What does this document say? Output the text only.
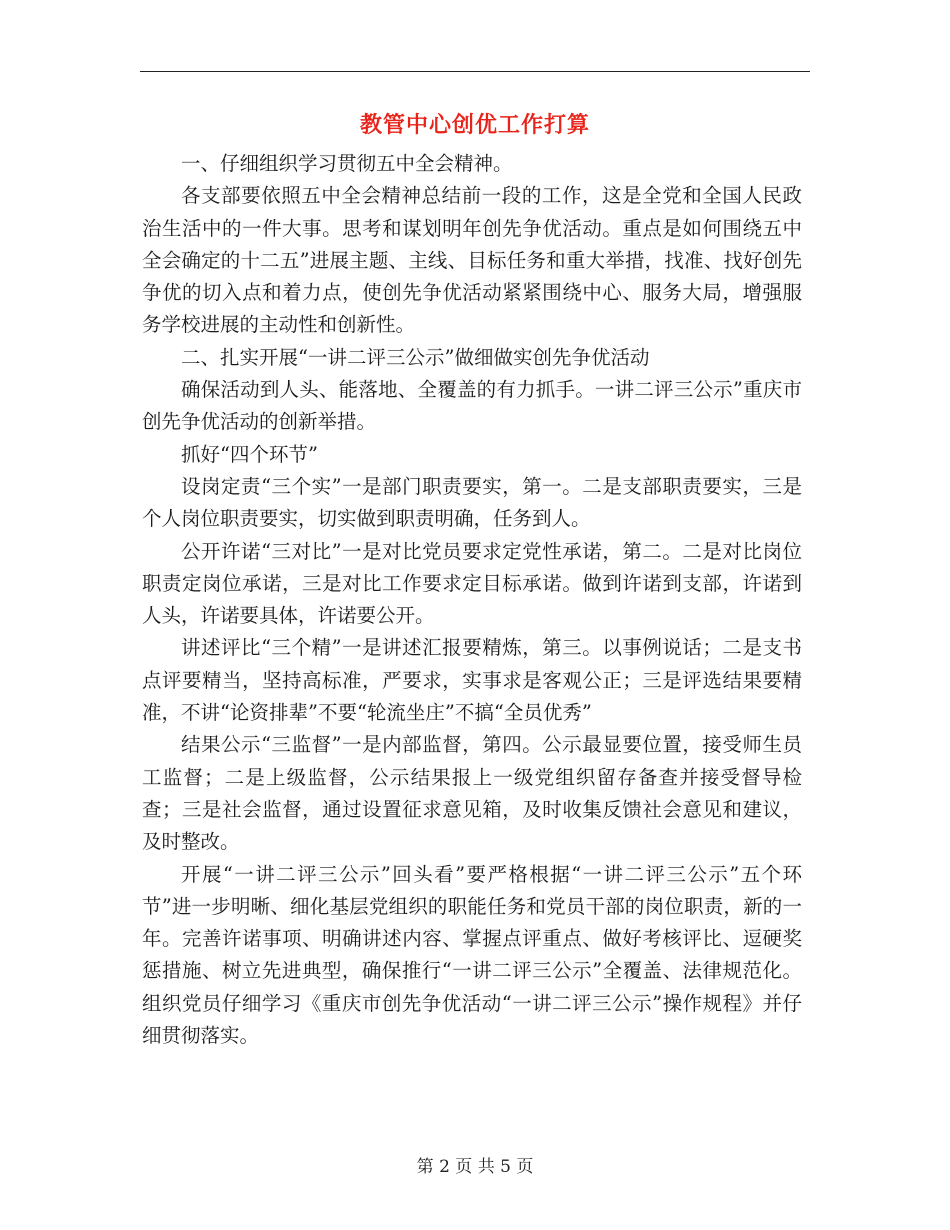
教管中心创优工作打算

一、仔细组织学习贯彻五中全会精神。

各支部要依照五中全会精神总结前一段的工作，这是全党和全国人民政治生活中的一件大事。思考和谋划明年创先争优活动。重点是如何围绕五中全会确定的十二五”进展主题、主线、目标任务和重大举措，找准、找好创先争优的切入点和着力点，使创先争优活动紧紧围绕中心、服务大局，增强服务学校进展的主动性和创新性。

二、扎实开展“一讲二评三公示”做细做实创先争优活动

确保活动到人头、能落地、全覆盖的有力抓手。一讲二评三公示”重庆市创先争优活动的创新举措。

抓好“四个环节”

设岗定责“三个实”一是部门职责要实，第一。二是支部职责要实，三是个人岗位职责要实，切实做到职责明确，任务到人。

公开许诺“三对比”一是对比党员要求定党性承诺，第二。二是对比岗位职责定岗位承诺，三是对比工作要求定目标承诺。做到许诺到支部，许诺到人头，许诺要具体，许诺要公开。

讲述评比“三个精”一是讲述汇报要精炼，第三。以事例说话；二是支书点评要精当，坚持高标准，严要求，实事求是客观公正；三是评选结果要精准，不讲“论资排辈”不要“轮流坐庄”不搞“全员优秀”

结果公示“三监督”一是内部监督，第四。公示最显要位置，接受师生员工监督；二是上级监督，公示结果报上一级党组织留存备查并接受督导检查；三是社会监督，通过设置征求意见箱，及时收集反馈社会意见和建议，及时整改。

开展“一讲二评三公示”回头看”要严格根据“一讲二评三公示”五个环节”进一步明晰、细化基层党组织的职能任务和党员干部的岗位职责，新的一年。完善许诺事项、明确讲述内容、掌握点评重点、做好考核评比、逗硬奖惩措施、树立先进典型，确保推行“一讲二评三公示”全覆盖、法律规范化。组织党员仔细学习《重庆市创先争优活动“一讲二评三公示”操作规程》并仔细贯彻落实。

第 2 页 共 5 页
